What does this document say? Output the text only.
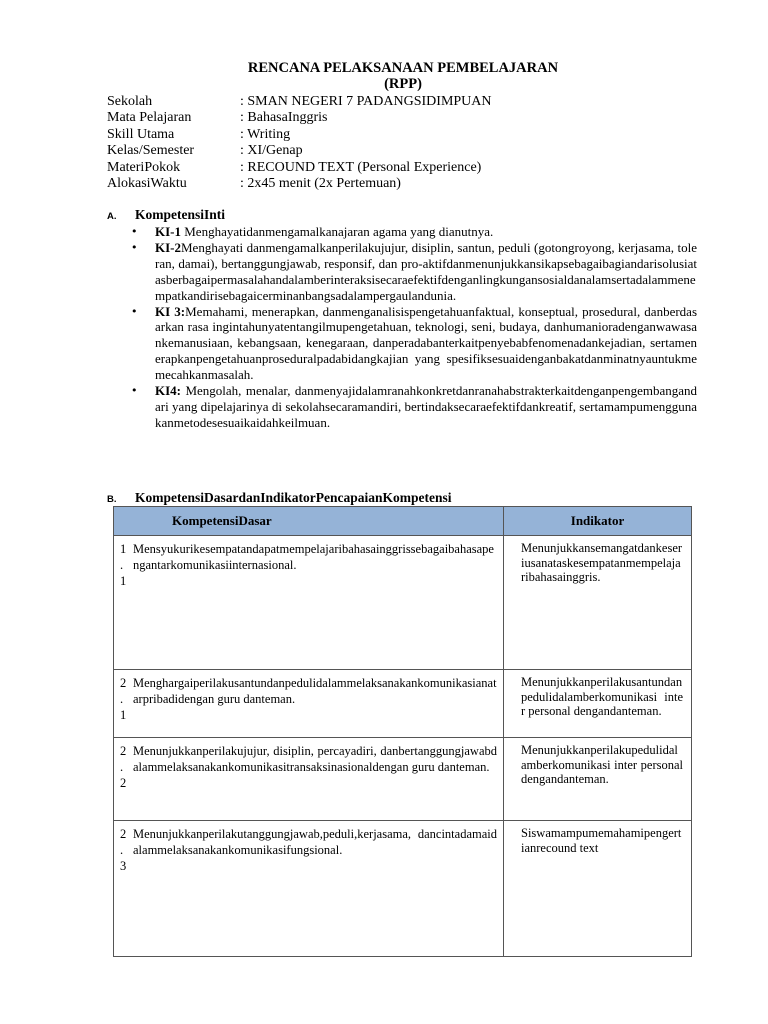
RENCANA PELAKSANAAN PEMBELAJARAN
(RPP)
Sekolah	: SMAN NEGERI 7 PADANGSIDIMPUAN
Mata Pelajaran	: BahasaInggris
Skill Utama	: Writing
Kelas/Semester	: XI/Genap
MateriPokok	: RECOUND TEXT (Personal Experience)
AlokasiWaktu	: 2x45 menit (2x Pertemuan)
A.	KompetensiInti
•	KI-1 Menghayatidanmengamalkanajaran agama yang dianutnya.
•	KI-2Menghayati danmengamalkanperilakujujur, disiplin, santun, peduli (gotongroyong, kerjasama, toleran, damai), bertanggungjawab, responsif, dan pro-aktifdanmenunjukkansikapsebagaibagiandarisolusiatasberbagaipermasalahandalamberinteraksisecaraefektifdenganlingkungansosialdanalamsertadalammenempatkandirisebagaicerminanbangsadalampergaulandunia.
•	KI 3:Memahami, menerapkan, danmenganalisispengetahuanfaktual, konseptual, prosedural, danberdasarkan rasa ingintahunyatentangilmupengetahuan, teknologi, seni, budaya, danhumanioradenganwawasankemanusiaan, kebangsaan, kenegaraan, danperadabanterkaitpenyebabfenomenadankejadian, sertamenerapkanpengetahuanproseduralpadabidangkajian yang spesifiksesuaidenganbakatdanminatnyauntukmemecahkanmasalah.
•	KI4: Mengolah, menalar, danmenyajidalamranahkonkretdanranahabstrakterkaitdenganpengembangandari yang dipelajarinya di sekolahsecaramandiri, bertindaksecaraefektifdankreatif, sertamampumenggunakanmetodesesuaikaidahkeilmuan.
B.	KompetensiDasardanIndikatorPencapaianKompetensi
KompetensiDasar	Indikator

1
.
1
Mensyukurikesempatandapatmempelajaribahasainggrissebagaibahasapengantarkomunikasiinternasional.	Menunjukkansemangatdankeseriusanataskesempatanmempelajaribahasainggris.

2
.
1
Menghargaiperilakusantundanpedulidalammelaksanakankomunikasianatarpribadidengan guru danteman.	Menunjukkanperilakusantundanpedulidalamberkomunikasi inter personal dengandanteman.

2
.
2
Menunjukkanperilakujujur, disiplin, percayadiri, danbertanggungjawabdalammelaksanakankomunikasitransaksinasionaldengan guru danteman.	Menunjukkanperilakupedulidalamberkomunikasi inter personal dengandanteman.

2
.
3
Menunjukkanperilakutanggungjawab,peduli,kerjasama, dancintadamaidalammelaksanakankomunikasifungsional.	Siswamampumemahamipengertianrecound text
